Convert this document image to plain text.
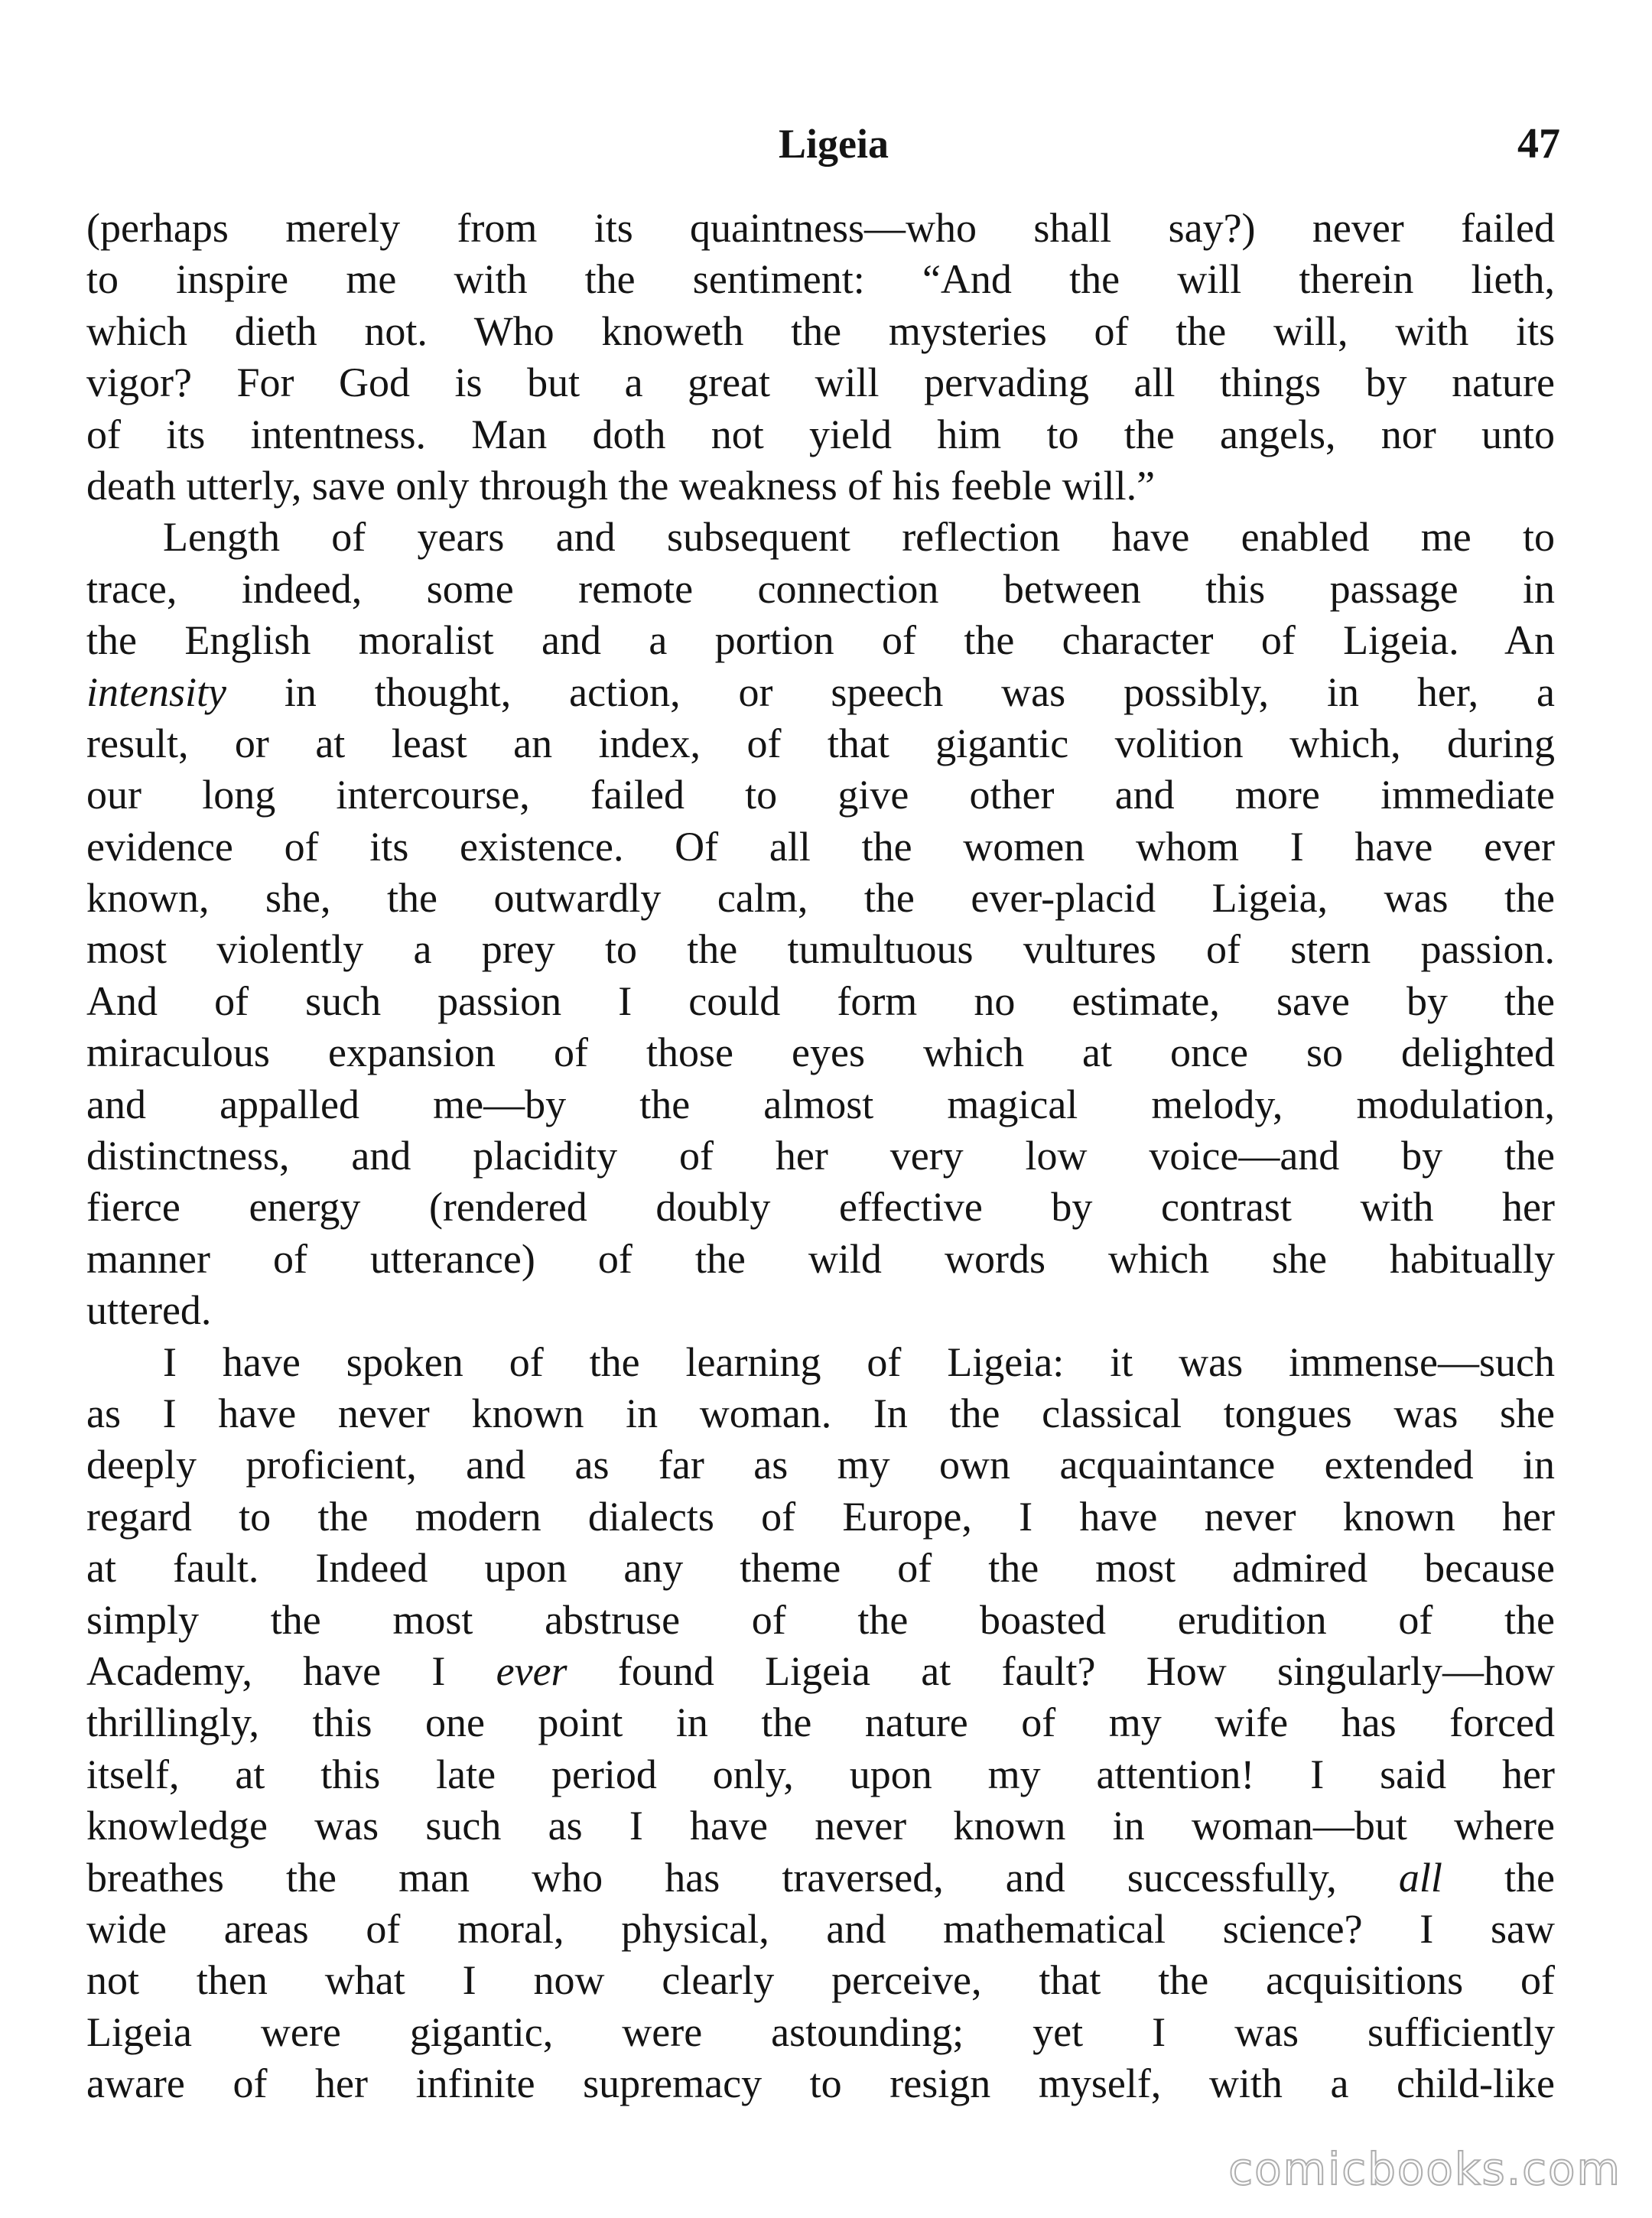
Ligeia	47
(perhaps merely from its quaintness—who shall say?) never failed
to inspire me with the sentiment: “And the will therein lieth,
which dieth not. Who knoweth the mysteries of the will, with its
vigor? For God is but a great will pervading all things by nature
of its intentness. Man doth not yield him to the angels, nor unto
death utterly, save only through the weakness of his feeble will.”
Length of years and subsequent reflection have enabled me to
trace, indeed, some remote connection between this passage in
the English moralist and a portion of the character of Ligeia. An
intensity in thought, action, or speech was possibly, in her, a
result, or at least an index, of that gigantic volition which, during
our long intercourse, failed to give other and more immediate
evidence of its existence. Of all the women whom I have ever
known, she, the outwardly calm, the ever-placid Ligeia, was the
most violently a prey to the tumultuous vultures of stern passion.
And of such passion I could form no estimate, save by the
miraculous expansion of those eyes which at once so delighted
and appalled me—by the almost magical melody, modulation,
distinctness, and placidity of her very low voice—and by the
fierce energy (rendered doubly effective by contrast with her
manner of utterance) of the wild words which she habitually
uttered.
I have spoken of the learning of Ligeia: it was immense—such
as I have never known in woman. In the classical tongues was she
deeply proficient, and as far as my own acquaintance extended in
regard to the modern dialects of Europe, I have never known her
at fault. Indeed upon any theme of the most admired because
simply the most abstruse of the boasted erudition of the
Academy, have I ever found Ligeia at fault? How singularly—how
thrillingly, this one point in the nature of my wife has forced
itself, at this late period only, upon my attention! I said her
knowledge was such as I have never known in woman—but where
breathes the man who has traversed, and successfully, all the
wide areas of moral, physical, and mathematical science? I saw
not then what I now clearly perceive, that the acquisitions of
Ligeia were gigantic, were astounding; yet I was sufficiently
aware of her infinite supremacy to resign myself, with a child-like
comicbooks.com
